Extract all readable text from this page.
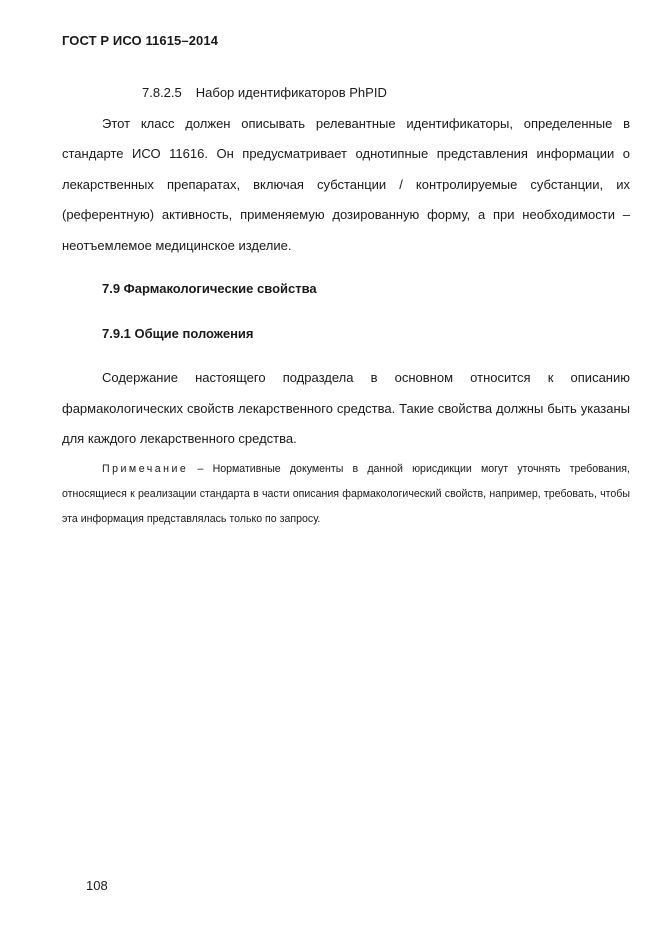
ГОСТ Р ИСО 11615–2014

7.8.2.5 Набор идентификаторов PhPID

Этот класс должен описывать релевантные идентификаторы, определенные в стандарте ИСО 11616. Он предусматривает однотипные представления информации о лекарственных препаратах, включая субстанции / контролируемые субстанции, их (референтную) активность, применяемую дозированную форму, а при необходимости – неотъемлемое медицинское изделие.

7.9 Фармакологические свойства

7.9.1 Общие положения

Содержание настоящего подраздела в основном относится к описанию фармакологических свойств лекарственного средства. Такие свойства должны быть указаны для каждого лекарственного средства.

Примечание – Нормативные документы в данной юрисдикции могут уточнять требования, относящиеся к реализации стандарта в части описания фармакологический свойств, например, требовать, чтобы эта информация представлялась только по запросу.

108
